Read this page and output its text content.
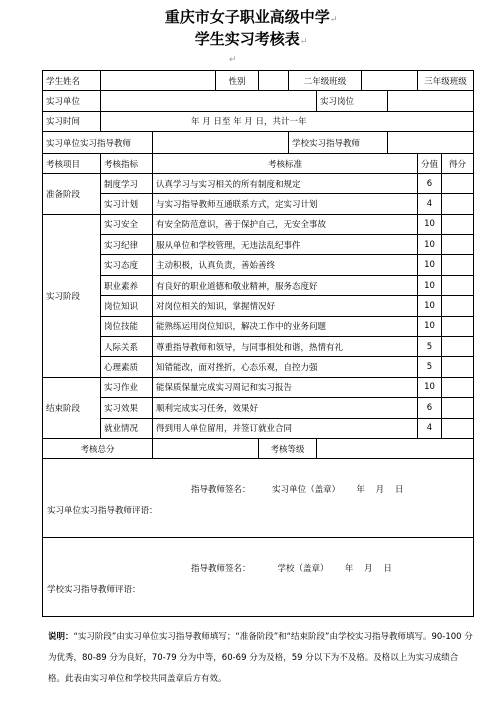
重庆市女子职业高级中学↵
学生实习考核表↵
↵
学生姓名			性别		二年级班级				三年级班级	
实习单位						实习岗位				
实习时间	年 月 日至 年 月 日，共计一年									
实习单位实习指导教师					学校实习指导教师					
考核项目	考核指标	考核标准							分值	得分
准备阶段	制度学习	认真学习与实习相关的所有制度和规定							6	
	实习计划	与实习指导教师互通联系方式，定实习计划							4	
实习阶段	实习安全	有安全防范意识，善于保护自己，无安全事故							10	
	实习纪律	服从单位和学校管理，无违法乱纪事件							10	
	实习态度	主动积极，认真负责，善始善终							10	
	职业素养	有良好的职业道德和敬业精神，服务态度好							10	
	岗位知识	对岗位相关的知识，掌握情况好							10	
	岗位技能	能熟练运用岗位知识，解决工作中的业务问题							10	
	人际关系	尊重指导教师和领导，与同事相处和谐，热情有礼							5	
	心理素质	知错能改，面对挫折，心态乐观，自控力强							5	
结束阶段	实习作业	能保质保量完成实习周记和实习报告							10	
	实习效果	顺利完成实习任务，效果好							6	
	就业情况	得到用人单位留用，并签订就业合同							4	
考核总分				考核等级						

实习单位实习指导教师评语：
指导教师签名：        实习单位（盖章）      年    月    日										

学校实习指导教师评语：
指导教师签名：          学校（盖章）      年    月    日										
说明：“实习阶段”由实习单位实习指导教师填写；“准备阶段”和“结束阶段”由学校实习指导教师填写。90-100 分为优秀，80-89 分为良好，70-79 分为中等，60-69 分为及格，59 分以下为不及格。及格以上为实习成绩合格。此表由实习单位和学校共同盖章后方有效。
